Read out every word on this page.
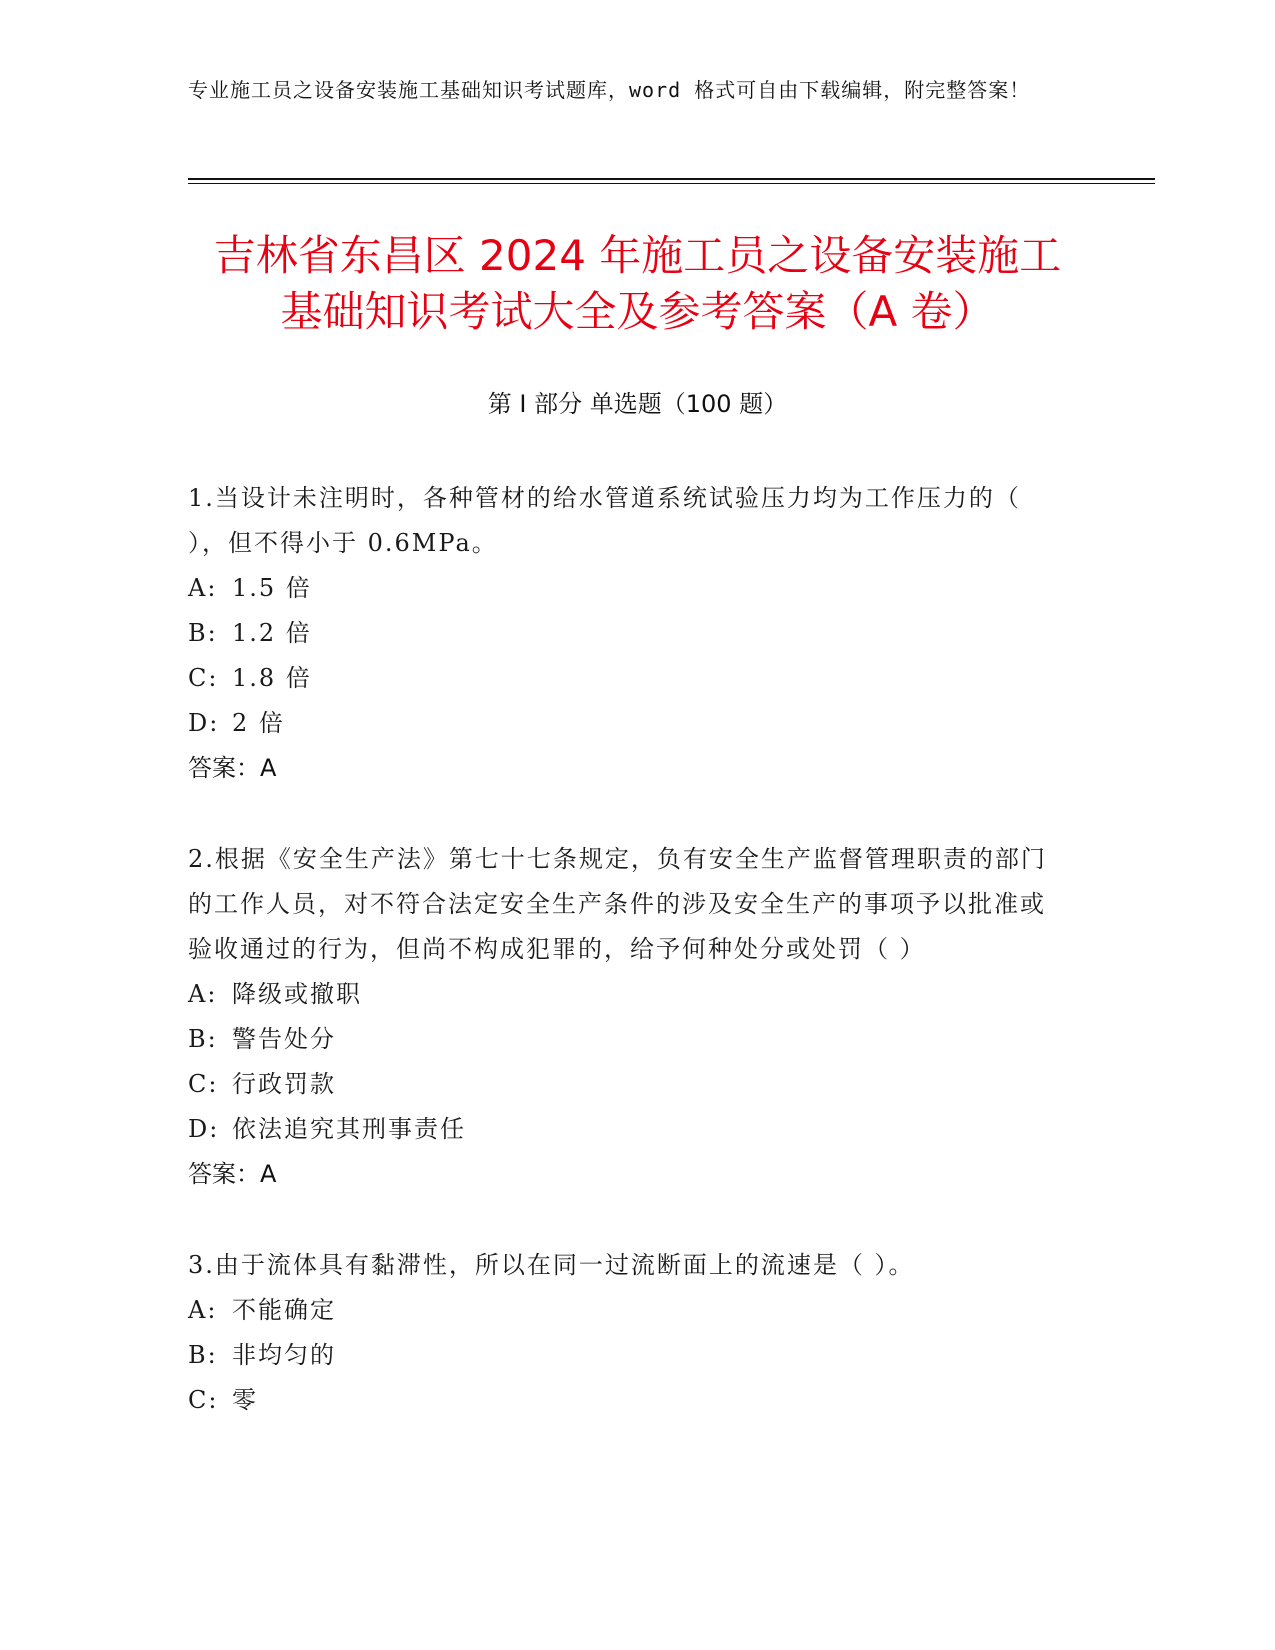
专业施工员之设备安装施工基础知识考试题库，word 格式可自由下载编辑，附完整答案！
吉林省东昌区 2024 年施工员之设备安装施工
基础知识考试大全及参考答案（A 卷）
第 I 部分 单选题（100 题）
1.当设计未注明时，各种管材的给水管道系统试验压力均为工作压力的（ ），但不得小于 0.6MPa。
A: 1.5 倍
B: 1.2 倍
C: 1.8 倍
D: 2 倍
答案：A
2.根据《安全生产法》第七十七条规定，负有安全生产监督管理职责的部门的工作人员，对不符合法定安全生产条件的涉及安全生产的事项予以批准或验收通过的行为，但尚不构成犯罪的，给予何种处分或处罚（ ）
A: 降级或撤职
B: 警告处分
C: 行政罚款
D: 依法追究其刑事责任
答案：A
3.由于流体具有黏滞性，所以在同一过流断面上的流速是（ ）。
A: 不能确定
B: 非均匀的
C: 零
